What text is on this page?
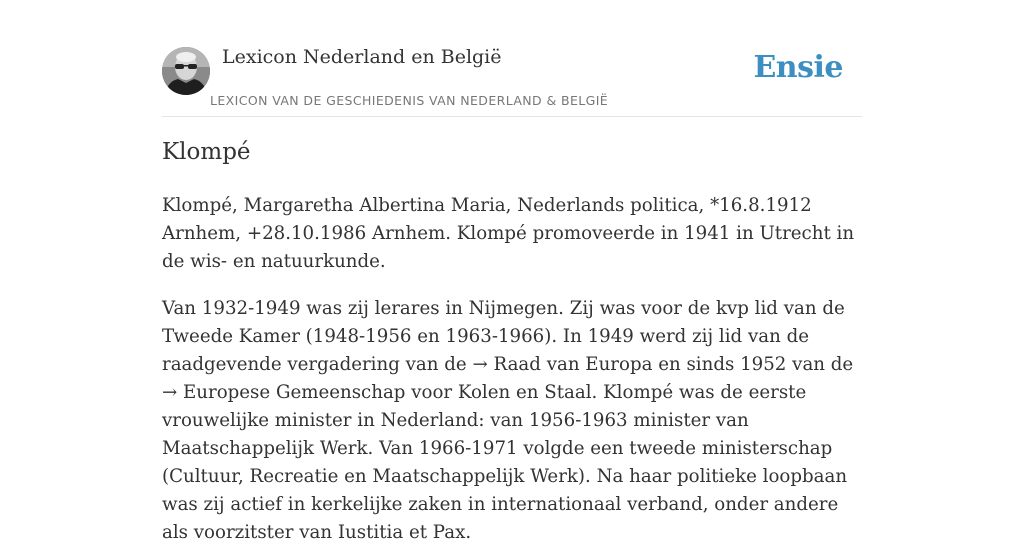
Lexicon Nederland en België
LEXICON VAN DE GESCHIEDENIS VAN NEDERLAND & BELGIË
Ensie
Klompé

Klompé, Margaretha Albertina Maria, Nederlands politica, *16.8.1912 Arnhem, +28.10.1986 Arnhem. Klompé promoveerde in 1941 in Utrecht in de wis- en natuurkunde.

Van 1932-1949 was zij lerares in Nijmegen. Zij was voor de kvp lid van de Tweede Kamer (1948-1956 en 1963-1966). In 1949 werd zij lid van de raadgevende vergadering van de → Raad van Europa en sinds 1952 van de → Europese Gemeenschap voor Kolen en Staal. Klompé was de eerste vrouwelijke minister in Nederland: van 1956-1963 minister van Maatschappelijk Werk. Van 1966-1971 volgde een tweede ministerschap (Cultuur, Recreatie en Maatschappelijk Werk). Na haar politieke loopbaan was zij actief in kerkelijke zaken in internationaal verband, onder andere als voorzitster van Iustitia et Pax.
